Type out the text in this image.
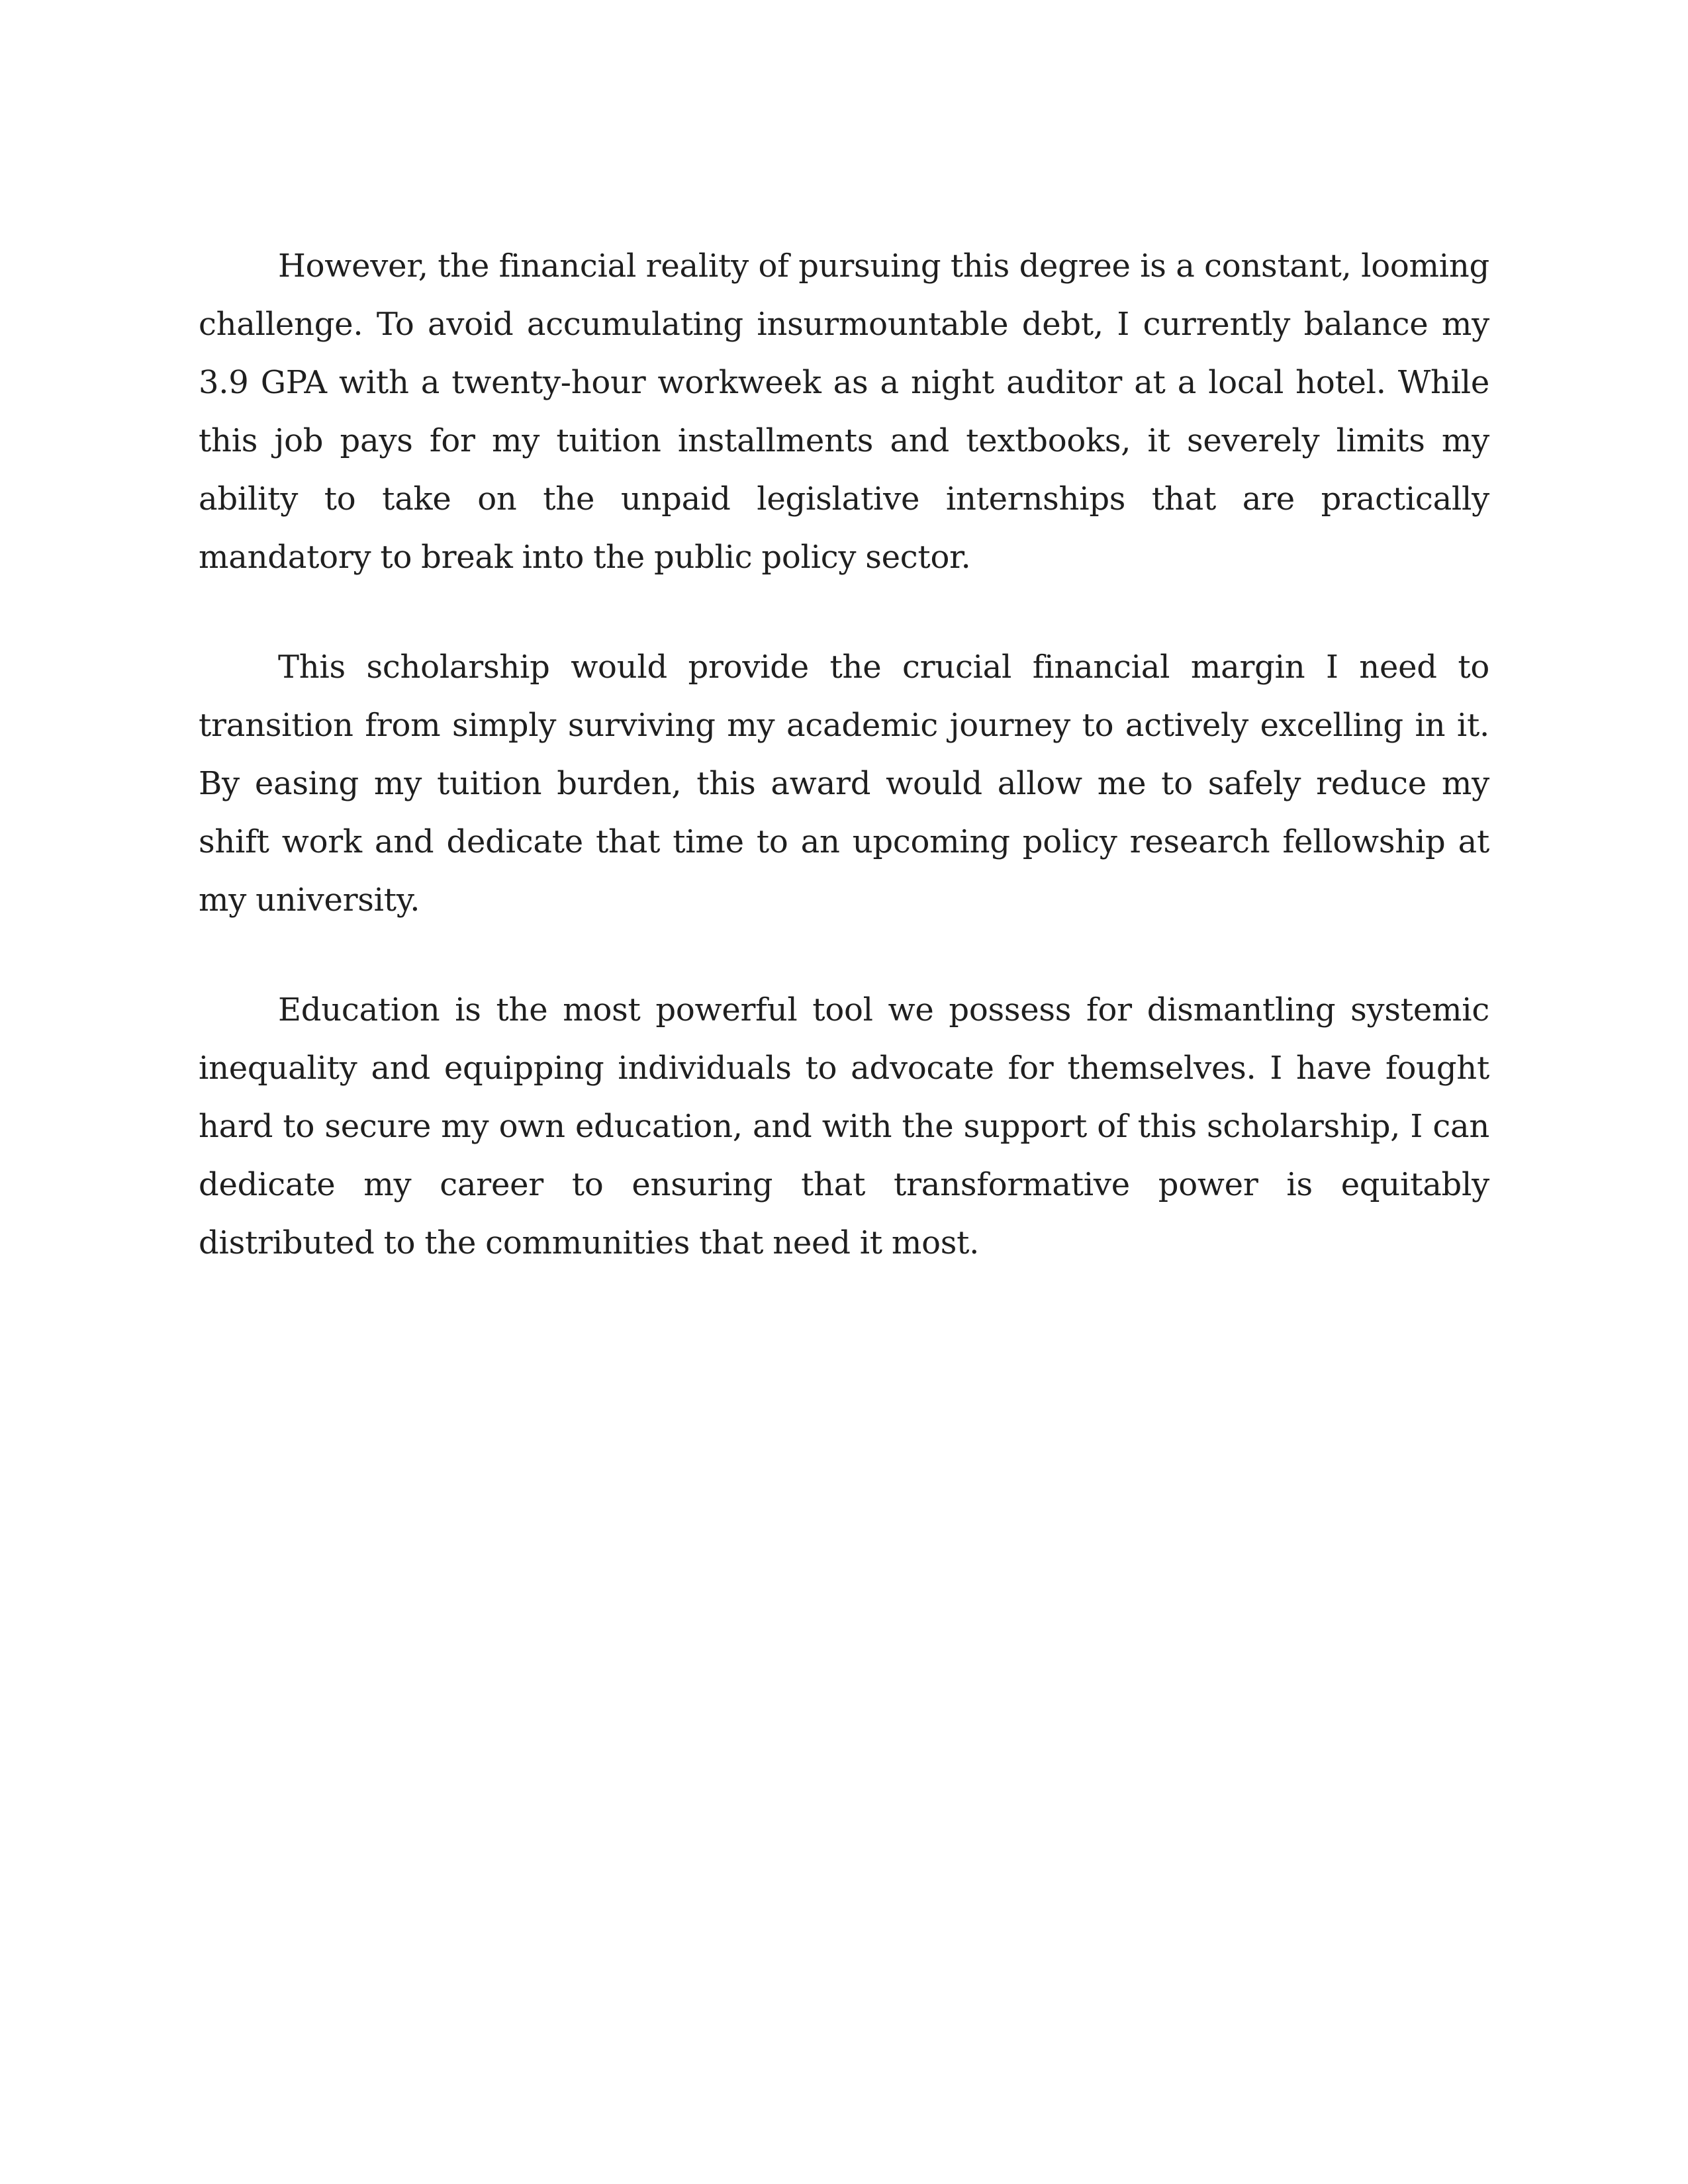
However, the financial reality of pursuing this degree is a constant, looming challenge. To avoid accumulating insurmountable debt, I currently balance my 3.9 GPA with a twenty-hour workweek as a night auditor at a local hotel. While this job pays for my tuition installments and textbooks, it severely limits my ability to take on the unpaid legislative internships that are practically mandatory to break into the public policy sector.

This scholarship would provide the crucial financial margin I need to transition from simply surviving my academic journey to actively excelling in it. By easing my tuition burden, this award would allow me to safely reduce my shift work and dedicate that time to an upcoming policy research fellowship at my university.

Education is the most powerful tool we possess for dismantling systemic inequality and equipping individuals to advocate for themselves. I have fought hard to secure my own education, and with the support of this scholarship, I can dedicate my career to ensuring that transformative power is equitably distributed to the communities that need it most.
